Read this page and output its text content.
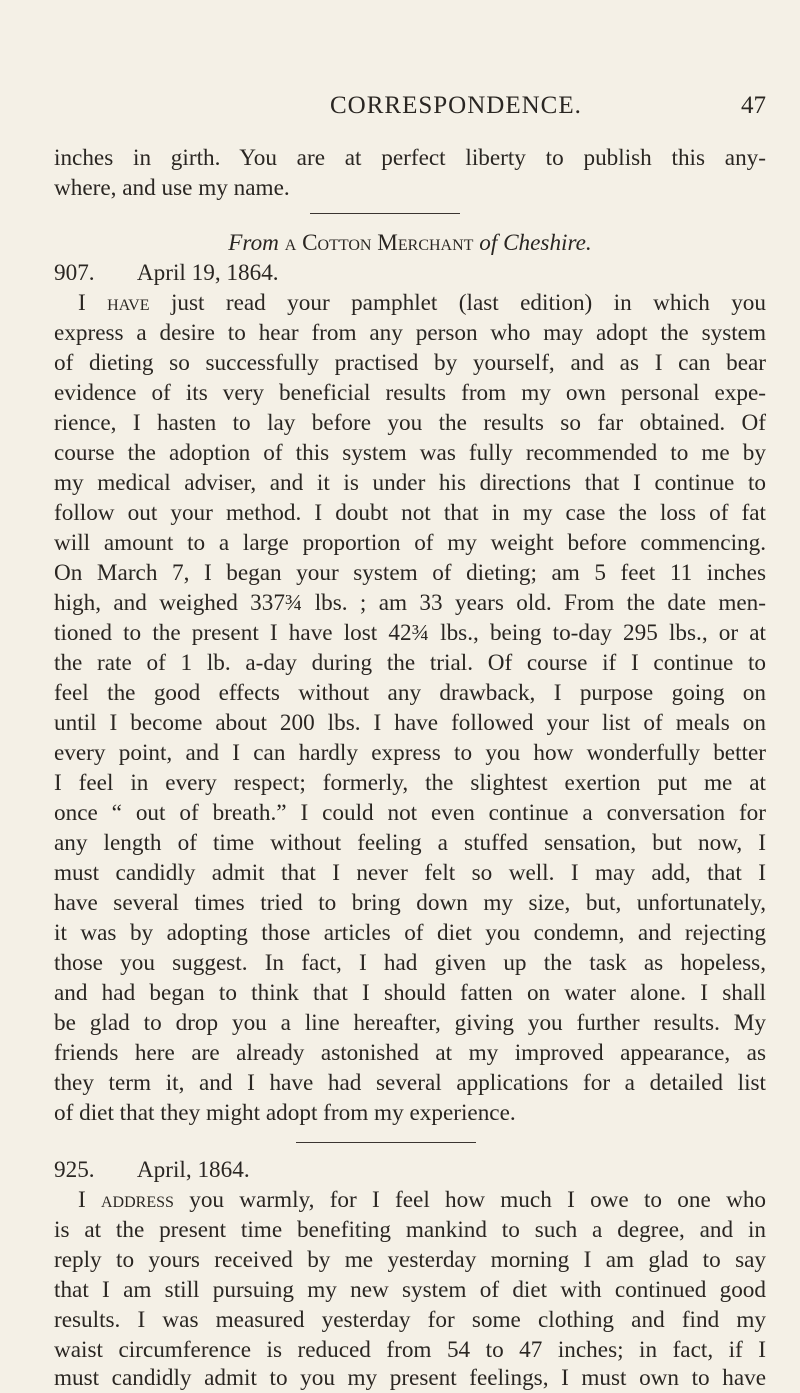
CORRESPONDENCE.	47
inches in girth. You are at perfect liberty to publish this any-
where, and use my name.
From a Cotton Merchant of Cheshire.
907. April 19, 1864.
I have just read your pamphlet (last edition) in which you
express a desire to hear from any person who may adopt the system
of dieting so successfully practised by yourself, and as I can bear
evidence of its very beneficial results from my own personal expe-
rience, I hasten to lay before you the results so far obtained. Of
course the adoption of this system was fully recommended to me by
my medical adviser, and it is under his directions that I continue to
follow out your method. I doubt not that in my case the loss of fat
will amount to a large proportion of my weight before commencing.
On March 7, I began your system of dieting; am 5 feet 11 inches
high, and weighed 337¾ lbs. ; am 33 years old. From the date men-
tioned to the present I have lost 42¾ lbs., being to-day 295 lbs., or at
the rate of 1 lb. a-day during the trial. Of course if I continue to
feel the good effects without any drawback, I purpose going on
until I become about 200 lbs. I have followed your list of meals on
every point, and I can hardly express to you how wonderfully better
I feel in every respect; formerly, the slightest exertion put me at
once “ out of breath.” I could not even continue a conversation for
any length of time without feeling a stuffed sensation, but now, I
must candidly admit that I never felt so well. I may add, that I
have several times tried to bring down my size, but, unfortunately,
it was by adopting those articles of diet you condemn, and rejecting
those you suggest. In fact, I had given up the task as hopeless,
and had began to think that I should fatten on water alone. I shall
be glad to drop you a line hereafter, giving you further results. My
friends here are already astonished at my improved appearance, as
they term it, and I have had several applications for a detailed list
of diet that they might adopt from my experience.
925. April, 1864.
I address you warmly, for I feel how much I owe to one who
is at the present time benefiting mankind to such a degree, and in
reply to yours received by me yesterday morning I am glad to say
that I am still pursuing my new system of diet with continued good
results. I was measured yesterday for some clothing and find my
waist circumference is reduced from 54 to 47 inches; in fact, if I
must candidly admit to you my present feelings, I must own to have
